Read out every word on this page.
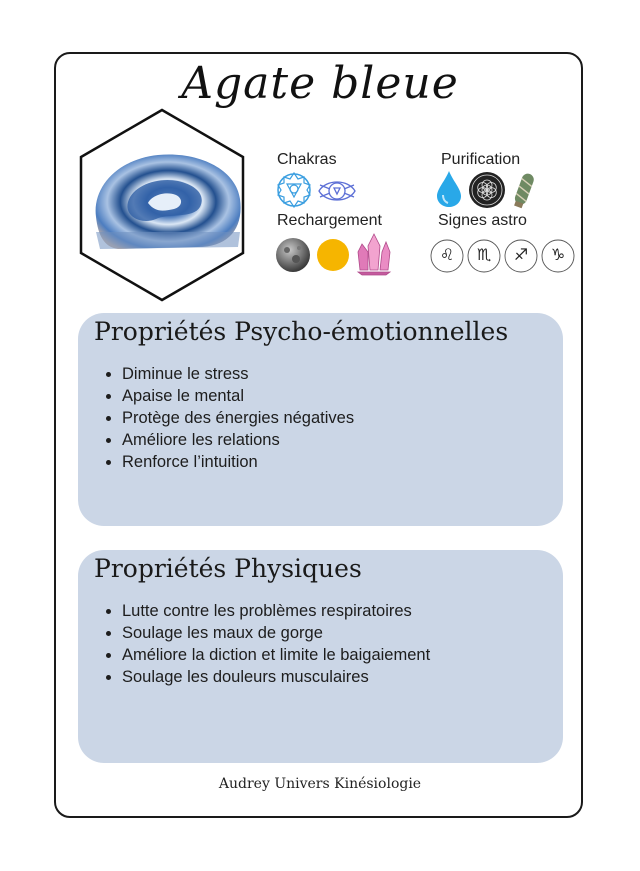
Agate bleue
Chakras	Purification
Rechargement	Signes astro
♌ ♏ ♐ ♑
Propriétés Psycho-émotionnelles
• Diminue le stress
• Apaise le mental
• Protège des énergies négatives
• Améliore les relations
• Renforce l’intuition
Propriétés Physiques
• Lutte contre les problèmes respiratoires
• Soulage les maux de gorge
• Améliore la diction et limite le baigaiement
• Soulage les douleurs musculaires
Audrey Univers Kinésiologie
